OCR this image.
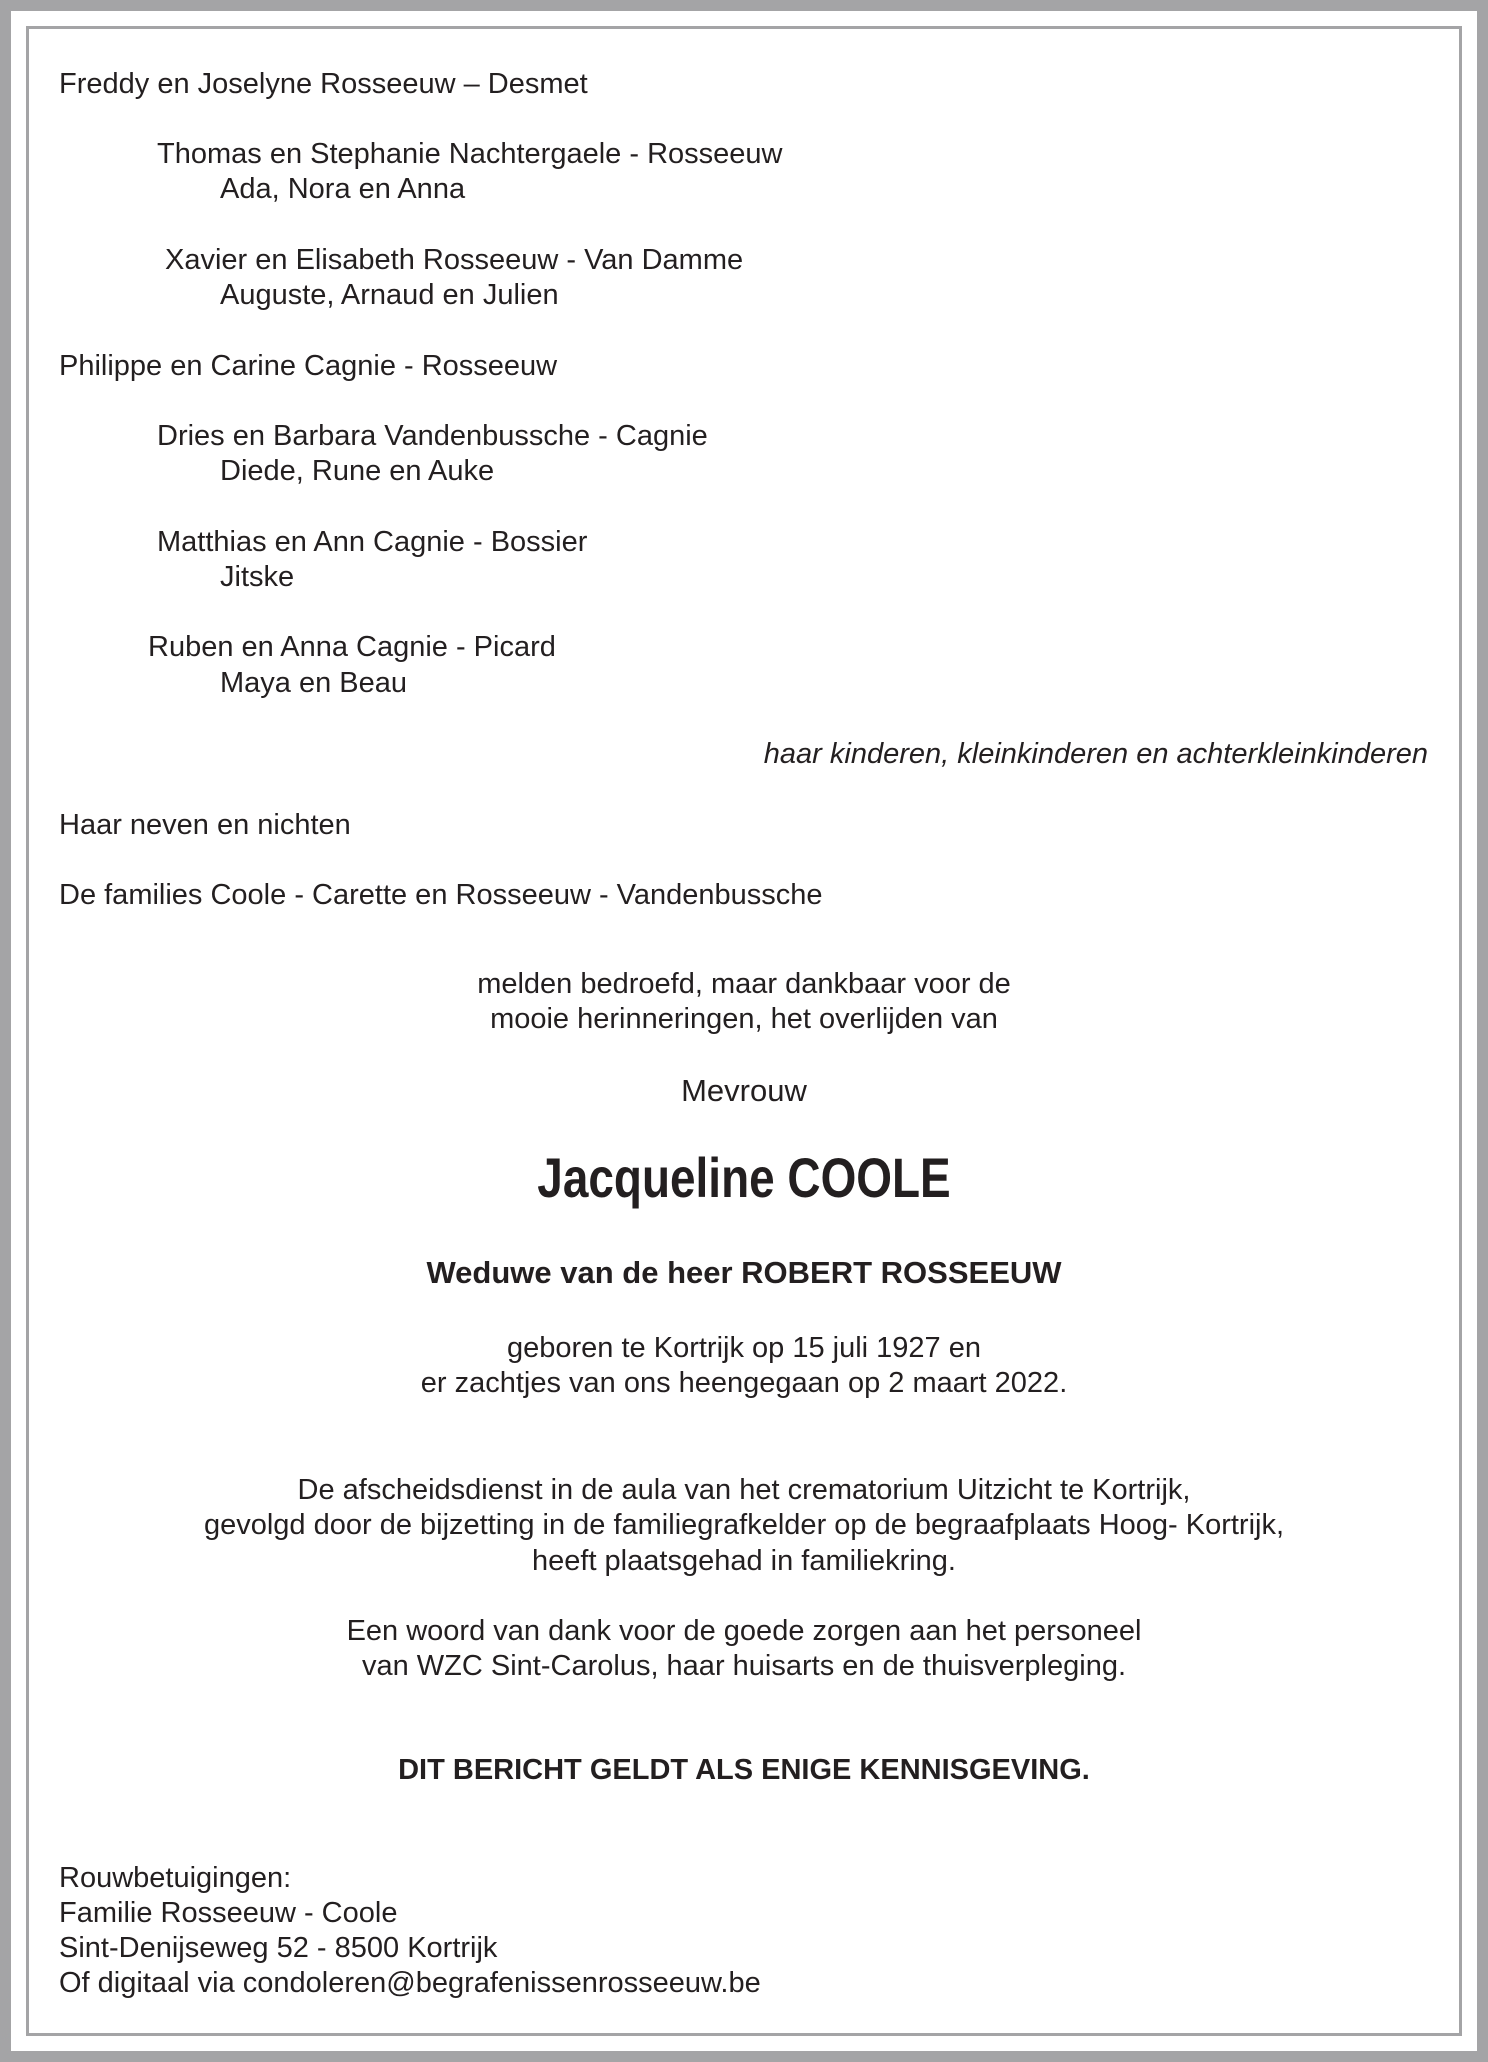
Freddy en Joselyne Rosseeuw – Desmet
Thomas en Stephanie Nachtergaele - Rosseeuw
Ada, Nora en Anna
Xavier en Elisabeth Rosseeuw - Van Damme
Auguste, Arnaud en Julien
Philippe en Carine Cagnie - Rosseeuw
Dries en Barbara Vandenbussche - Cagnie
Diede, Rune en Auke
Matthias en Ann Cagnie - Bossier
Jitske
Ruben en Anna Cagnie - Picard
Maya en Beau
haar kinderen, kleinkinderen en achterkleinkinderen
Haar neven en nichten
De families Coole - Carette en Rosseeuw - Vandenbussche
melden bedroefd, maar dankbaar voor de
mooie herinneringen, het overlijden van
Mevrouw
Jacqueline COOLE
Weduwe van de heer ROBERT ROSSEEUW
geboren te Kortrijk op 15 juli 1927 en
er zachtjes van ons heengegaan op 2 maart 2022.
De afscheidsdienst in de aula van het crematorium Uitzicht te Kortrijk,
gevolgd door de bijzetting in de familiegrafkelder op de begraafplaats Hoog- Kortrijk,
heeft plaatsgehad in familiekring.
Een woord van dank voor de goede zorgen aan het personeel
van WZC Sint-Carolus, haar huisarts en de thuisverpleging.
DIT BERICHT GELDT ALS ENIGE KENNISGEVING.
Rouwbetuigingen:
Familie Rosseeuw - Coole
Sint-Denijseweg 52 - 8500 Kortrijk
Of digitaal via condoleren@begrafenissenrosseeuw.be
